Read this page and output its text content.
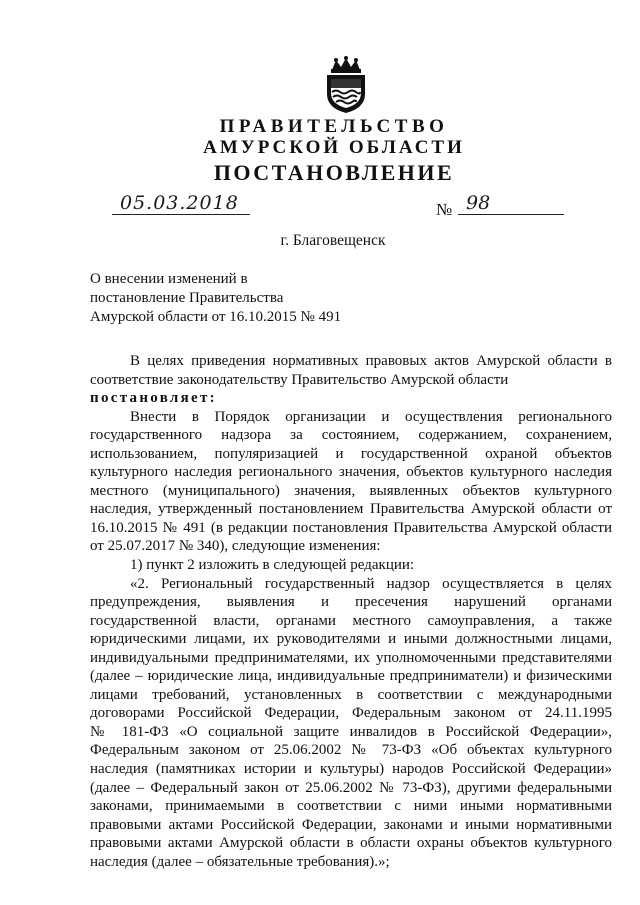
ПРАВИТЕЛЬСТВО
АМУРСКОЙ ОБЛАСТИ
ПОСТАНОВЛЕНИЕ
05.03.2018	№ 98
г. Благовещенск
О внесении изменений в
постановление Правительства
Амурской области от 16.10.2015 № 491
В целях приведения нормативных правовых актов Амурской области в
соответствие законодательству Правительство Амурской области
постановляет:
Внести в Порядок организации и осуществления регионального
государственного надзора за состоянием, содержанием, сохранением,
использованием, популяризацией и государственной охраной объектов
культурного наследия регионального значения, объектов культурного наследия
местного (муниципального) значения, выявленных объектов культурного
наследия, утвержденный постановлением Правительства Амурской области от
16.10.2015 № 491 (в редакции постановления Правительства Амурской области
от 25.07.2017 № 340), следующие изменения:
1) пункт 2 изложить в следующей редакции:
«2. Региональный государственный надзор осуществляется в целях
предупреждения, выявления и пресечения нарушений органами
государственной власти, органами местного самоуправления, а также
юридическими лицами, их руководителями и иными должностными лицами,
индивидуальными предпринимателями, их уполномоченными представителями
(далее – юридические лица, индивидуальные предприниматели) и физическими
лицами требований, установленных в соответствии с международными
договорами Российской Федерации, Федеральным законом от 24.11.1995
№ 181-ФЗ «О социальной защите инвалидов в Российской Федерации»,
Федеральным законом от 25.06.2002 № 73-ФЗ «Об объектах культурного
наследия (памятниках истории и культуры) народов Российской Федерации»
(далее – Федеральный закон от 25.06.2002 № 73-ФЗ), другими федеральными
законами, принимаемыми в соответствии с ними иными нормативными
правовыми актами Российской Федерации, законами и иными нормативными
правовыми актами Амурской области в области охраны объектов культурного
наследия (далее – обязательные требования).»;
